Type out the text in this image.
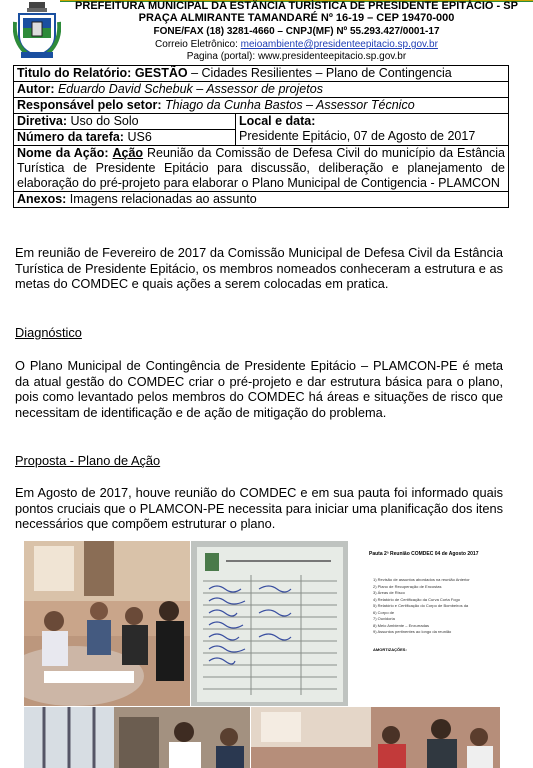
PREFEITURA MUNICIPAL DA ESTÂNCIA TURÍSTICA DE PRESIDENTE EPITÁCIO - SP
PRAÇA ALMIRANTE TAMANDARÉ Nº 16-19 – CEP 19470-000
FONE/FAX (18) 3281-4660 – CNPJ(MF) Nº 55.293.427/0001-17
Correio Eletrônico: meioambiente@presidenteepitacio.sp.gov.br
Pagina (portal): www.presidenteepitacio.sp.gov.br
Titulo do Relatório: GESTÃO – Cidades Resilientes – Plano de Contingencia
Autor: Eduardo David Schebuk – Assessor de projetos
Responsável pelo setor: Thiago da Cunha Bastos – Assessor Técnico
Diretiva: Uso do Solo	Local e data:
Presidente Epitácio, 07 de Agosto de 2017

Número da tarefa: US6
Nome da Ação: Ação Reunião da Comissão de Defesa Civil do município da Estância Turística de Presidente Epitácio para discussão, deliberação e planejamento de elaboração do pré-projeto para elaborar o Plano Municipal de Contigencia - PLAMCON
Anexos: Imagens relacionadas ao assunto
Em reunião de Fevereiro de 2017 da Comissão Municipal de Defesa Civil da Estância Turística de Presidente Epitácio, os membros nomeados conheceram a estrutura e as metas do COMDEC e quais ações a serem colocadas em pratica.
Diagnóstico
O Plano Municipal de Contingência de Presidente Epitácio – PLAMCON-PE é meta da atual gestão do COMDEC criar o pré-projeto e dar estrutura básica para o plano, pois como levantado pelos membros do COMDEC há áreas e situações de risco que necessitam de identificação e de ação de mitigação do problema.
Proposta - Plano de Ação
Em Agosto de 2017, houve reunião do COMDEC e em sua pauta foi informado quais pontos cruciais que o PLAMCON-PE necessita para iniciar uma planificação dos itens necessários que compõem estruturar o plano.
Pauta 2ª Reunião COMDEC 04 de Agosto 2017
1) Revisão de assuntos abordados na reunião Anterior
2) Plano de Recuperação de Encostas
3) Áreas de Risco
4) Relatório de Certificação da Curva Corta Fogo
5) Relatório e Certificação do Corpo de Bombeiros da
6) Corpo de
7) Ouvidoria
8) Meio Ambiente – Enxurradas
9) Assuntos pertinentes ao longo da reunião
AMORTIZAÇÕES:
